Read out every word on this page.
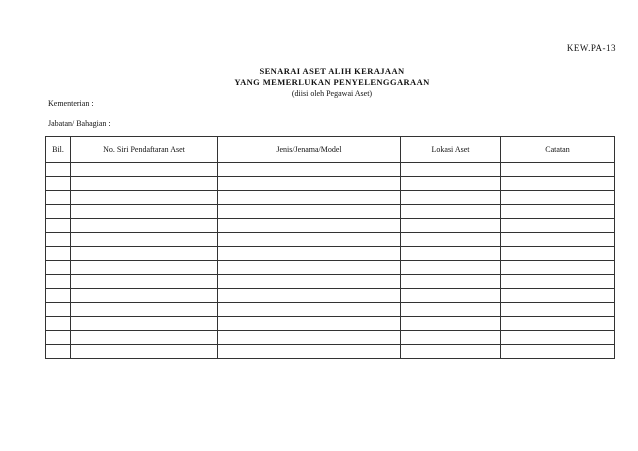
KEW.PA-13
SENARAI ASET ALIH KERAJAAN
YANG MEMERLUKAN PENYELENGGARAAN
(diisi oleh Pegawai Aset)
Kementerian :
Jabatan/ Bahagian :
Bil.	No. Siri Pendaftaran Aset	Jenis/Jenama/Model	Lokasi Aset	Catatan
